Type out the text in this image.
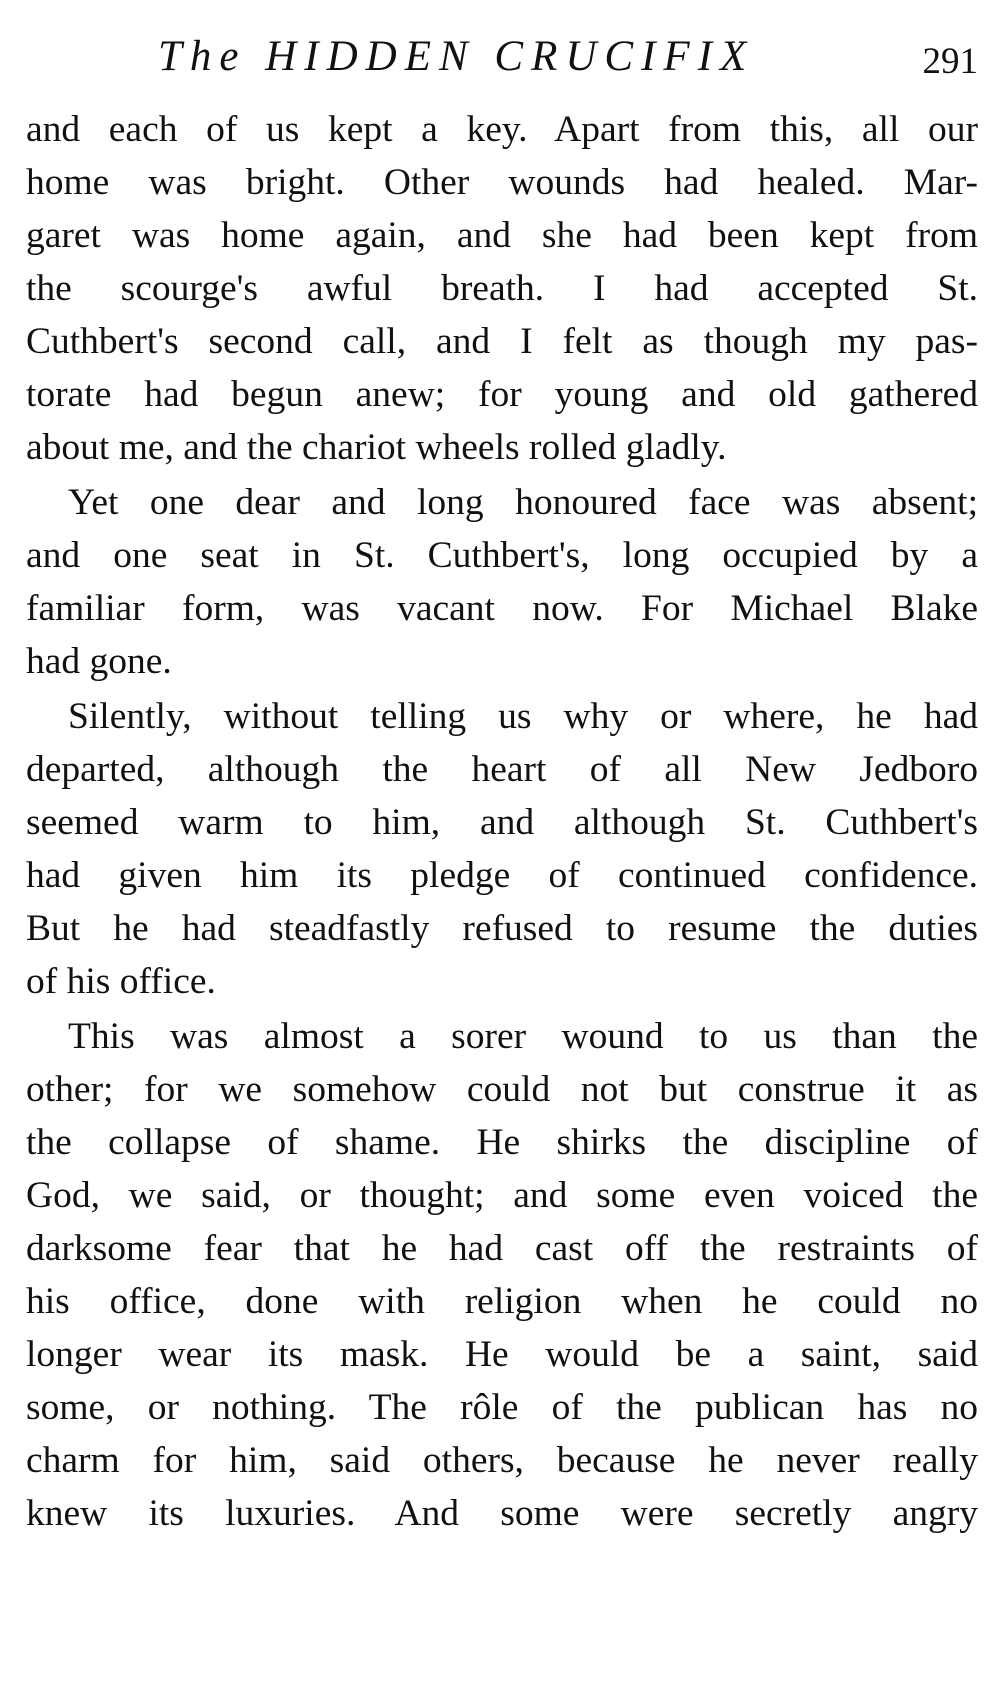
The HIDDEN CRUCIFIX	291
and each of us kept a key. Apart from this, all our
home was bright. Other wounds had healed. Mar-
garet was home again, and she had been kept from
the scourge's awful breath. I had accepted St.
Cuthbert's second call, and I felt as though my pas-
torate had begun anew; for young and old gathered
about me, and the chariot wheels rolled gladly.
Yet one dear and long honoured face was absent;
and one seat in St. Cuthbert's, long occupied by a
familiar form, was vacant now. For Michael Blake
had gone.
Silently, without telling us why or where, he had
departed, although the heart of all New Jedboro
seemed warm to him, and although St. Cuthbert's
had given him its pledge of continued confidence.
But he had steadfastly refused to resume the duties
of his office.
This was almost a sorer wound to us than the
other; for we somehow could not but construe it as
the collapse of shame. He shirks the discipline of
God, we said, or thought; and some even voiced the
darksome fear that he had cast off the restraints of
his office, done with religion when he could no
longer wear its mask. He would be a saint, said
some, or nothing. The rôle of the publican has no
charm for him, said others, because he never really
knew its luxuries. And some were secretly angry
